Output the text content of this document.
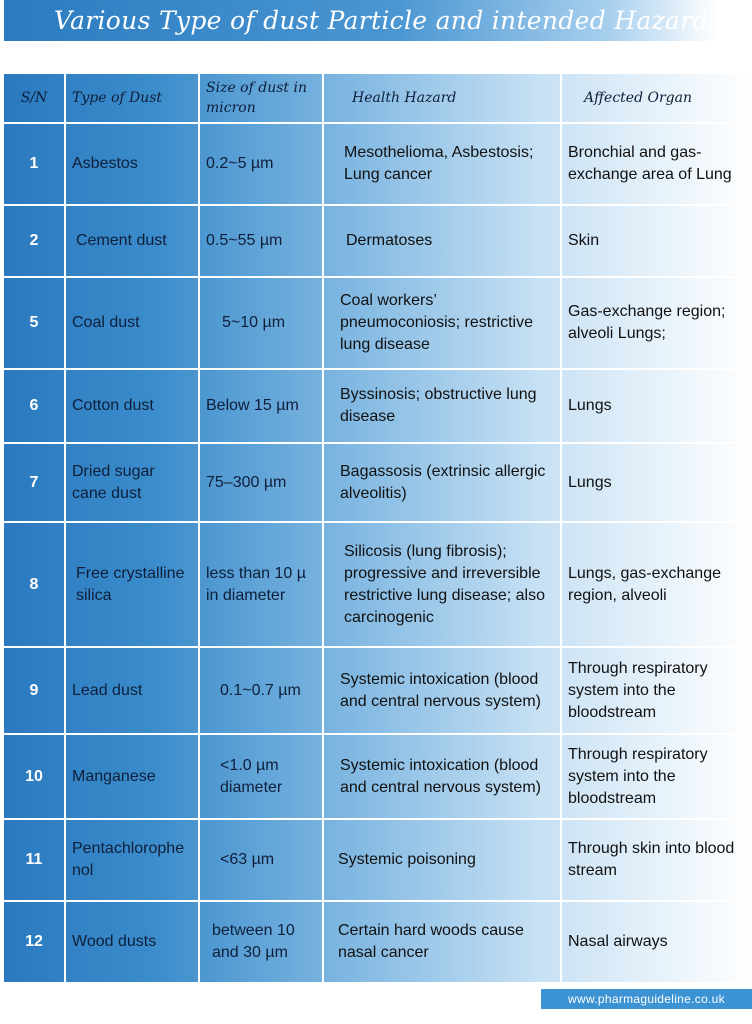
Various Type of dust Particle and intended Hazard
S/N	Type of Dust	Size of dust in micron	Health Hazard	Affected Organ
1	Asbestos	0.2~5 µm	Mesothelioma, Asbestosis; Lung cancer	Bronchial and gas-exchange area of Lung
2	Cement dust	0.5~55 µm	Dermatoses	Skin
5	Coal dust	5~10 µm	Coal workers’ pneumoconiosis; restrictive lung disease	Gas-exchange region; alveoli Lungs;
6	Cotton dust	Below 15 µm	Byssinosis; obstructive lung disease	Lungs
7	Dried sugar cane dust	75–300 µm	Bagassosis (extrinsic allergic alveolitis)	Lungs
8	Free crystalline silica	less than 10 µ in diameter	Silicosis (lung fibrosis); progressive and irreversible restrictive lung disease; also carcinogenic	Lungs, gas-exchange region, alveoli
9	Lead dust	0.1~0.7 µm	Systemic intoxication (blood and central nervous system)	Through respiratory system into the bloodstream
10	Manganese	<1.0 µm diameter	Systemic intoxication (blood and central nervous system)	Through respiratory system into the bloodstream
11	Pentachlorophenol	<63 µm	Systemic poisoning	Through skin into blood stream
12	Wood dusts	between 10 and 30 µm	Certain hard woods cause nasal cancer	Nasal airways
www.pharmaguideline.co.uk
